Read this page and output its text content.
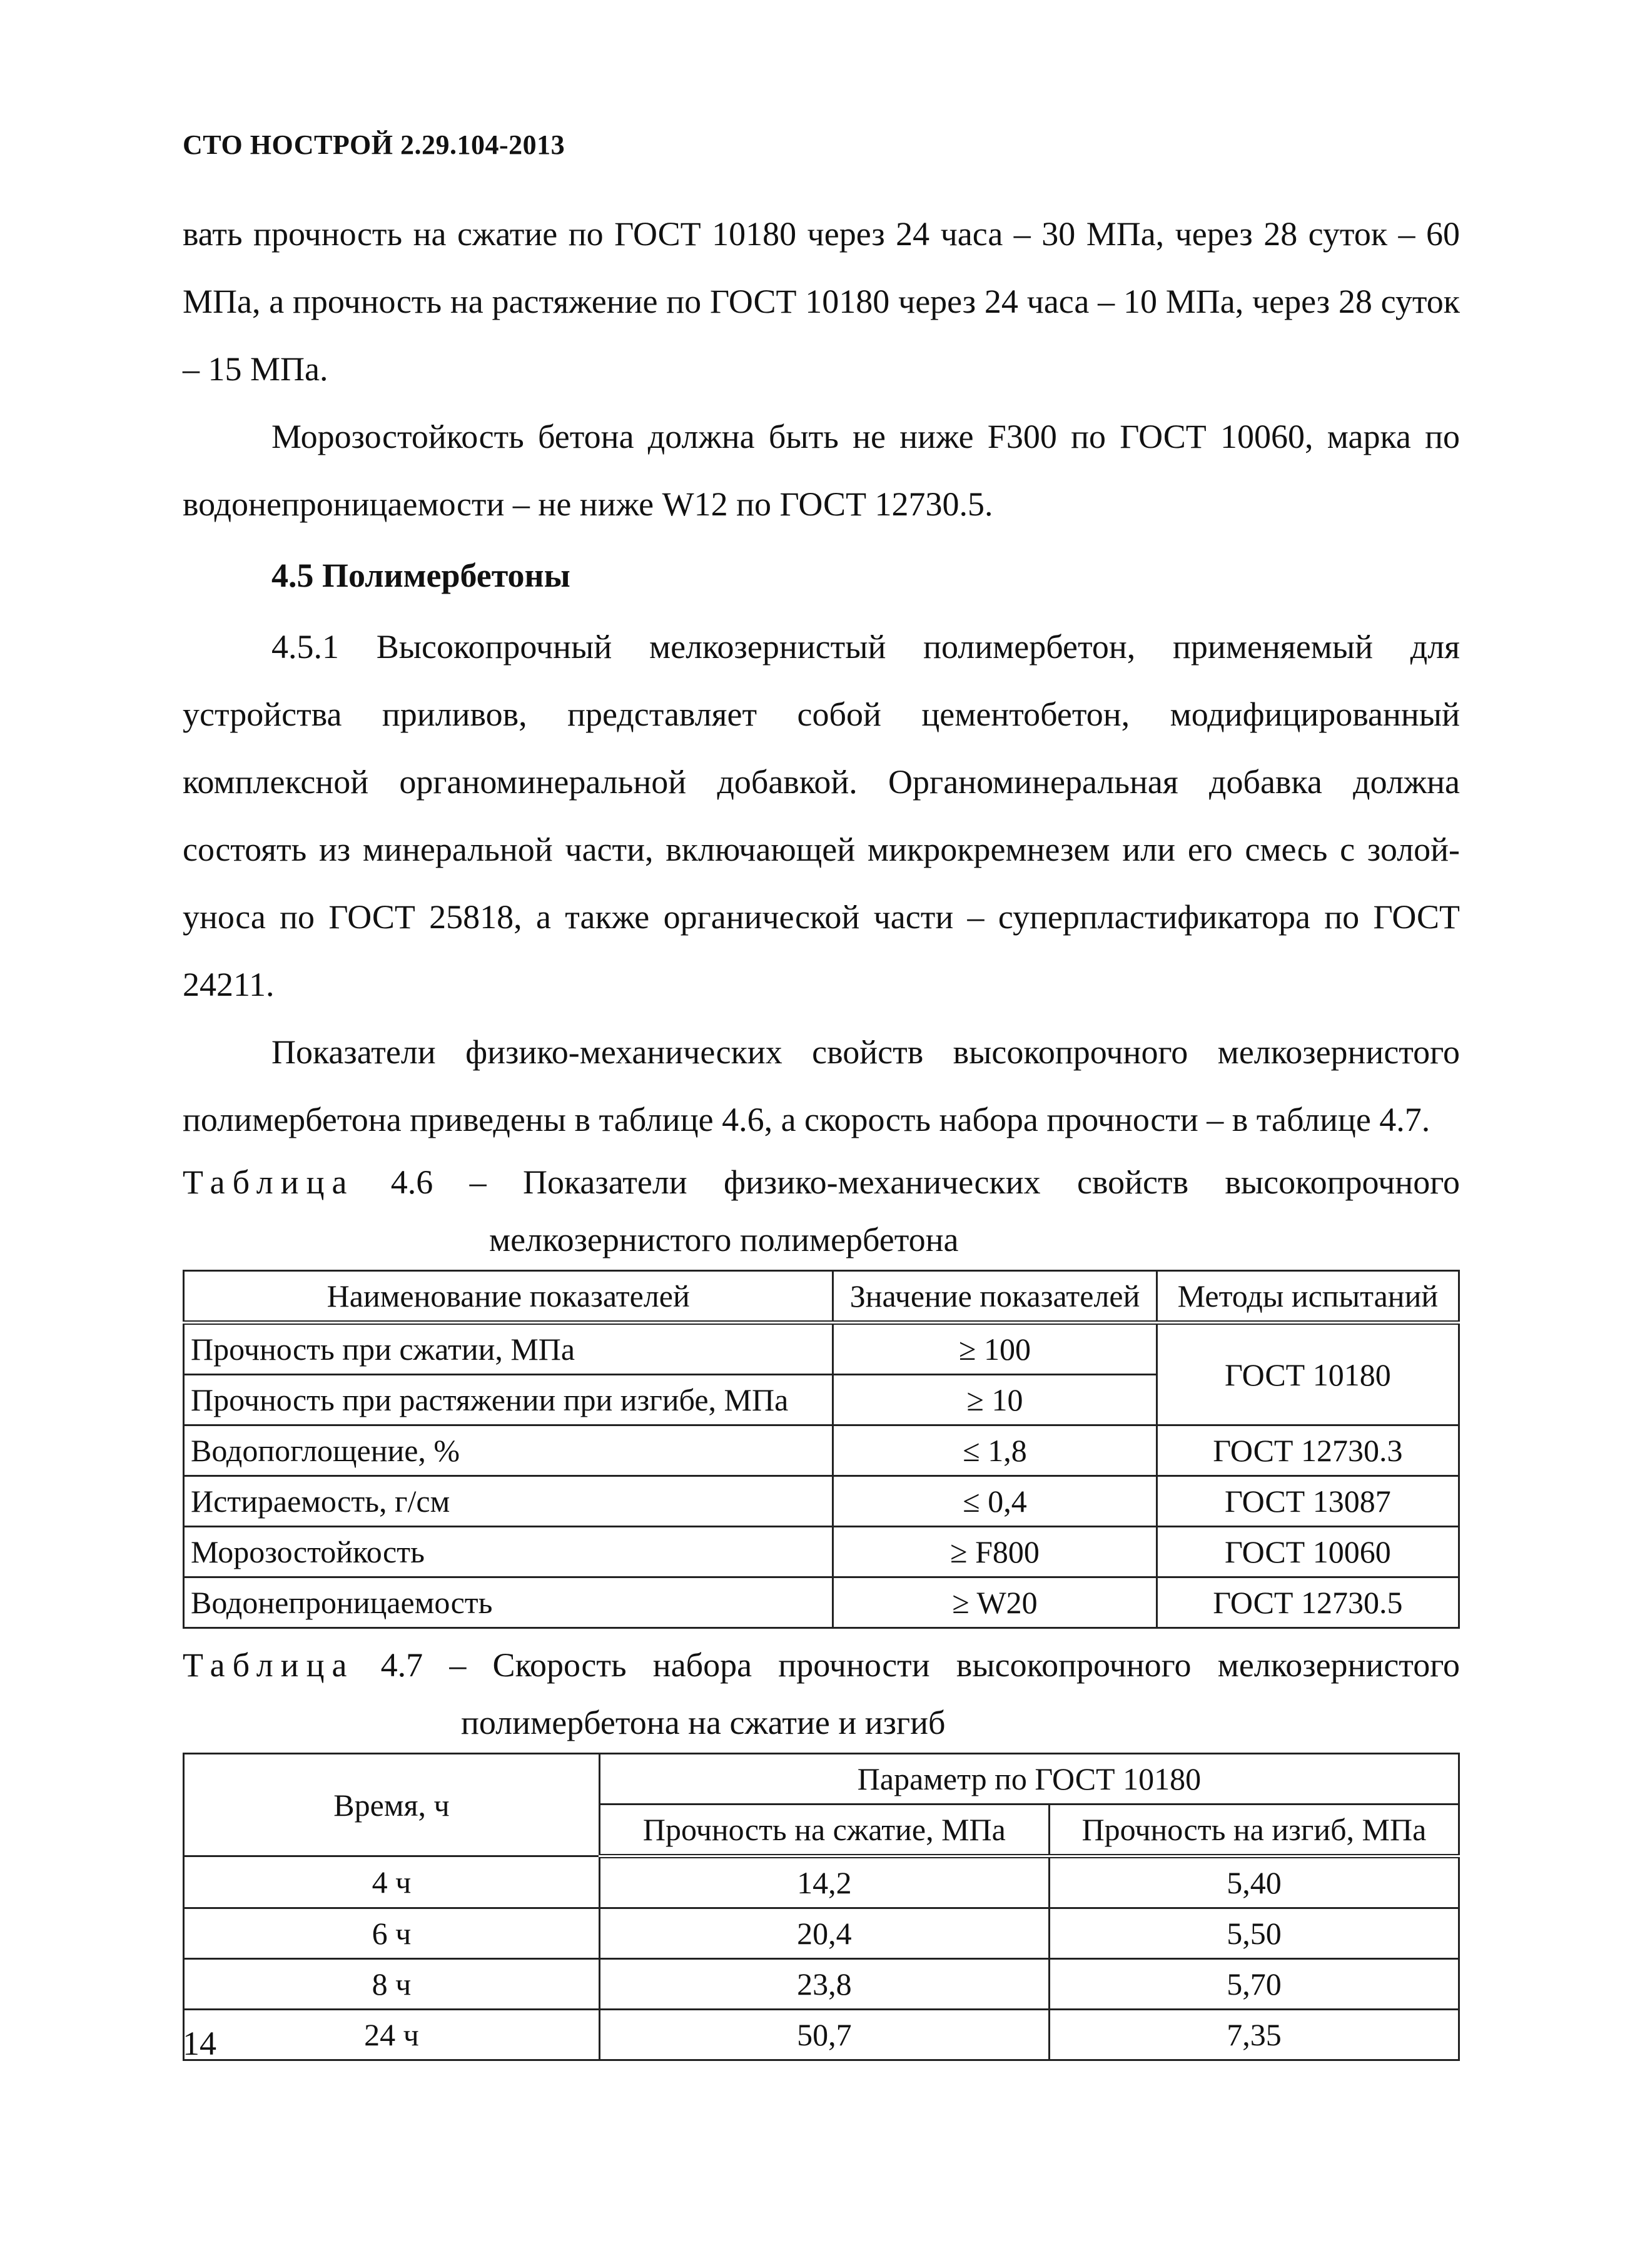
СТО НОСТРОЙ 2.29.104-2013

вать прочность на сжатие по ГОСТ 10180 через 24 часа – 30 МПа, через 28 суток – 60 МПа, а прочность на растяжение по ГОСТ 10180 через 24 часа – 10 МПа, через 28 суток – 15 МПа.

Морозостойкость бетона должна быть не ниже F300 по ГОСТ 10060, марка по водонепроницаемости – не ниже W12 по ГОСТ 12730.5.

4.5 Полимербетоны

4.5.1 Высокопрочный мелкозернистый полимербетон, применяемый для устройства приливов, представляет собой цементобетон, модифицированный комплексной органоминеральной добавкой. Органоминеральная добавка должна состоять из минеральной части, включающей микрокремнезем или его смесь с золой-уноса по ГОСТ 25818, а также органической части – суперпластификатора по ГОСТ 24211.

Показатели физико-механических свойств высокопрочного мелкозернистого полимербетона приведены в таблице 4.6, а скорость набора прочности – в таблице 4.7.

Таблица 4.6 – Показатели физико-механических свойств высокопрочного
мелкозернистого полимербетона

Наименование показателей	Значение показателей	Методы испытаний
Прочность при сжатии, МПа	≥ 100	ГОСТ 10180
Прочность при растяжении при изгибе, МПа	≥ 10	
Водопоглощение, %	≤ 1,8	ГОСТ 12730.3
Истираемость, г/см	≤ 0,4	ГОСТ 13087
Морозостойкость	≥ F800	ГОСТ 10060
Водонепроницаемость	≥ W20	ГОСТ 12730.5

Таблица 4.7 – Скорость набора прочности высокопрочного мелкозернистого
полимербетона на сжатие и изгиб

Время, ч	Параметр по ГОСТ 10180	
	Прочность на сжатие, МПа	Прочность на изгиб, МПа
4 ч	14,2	5,40
6 ч	20,4	5,50
8 ч	23,8	5,70
24 ч	50,7	7,35
14
